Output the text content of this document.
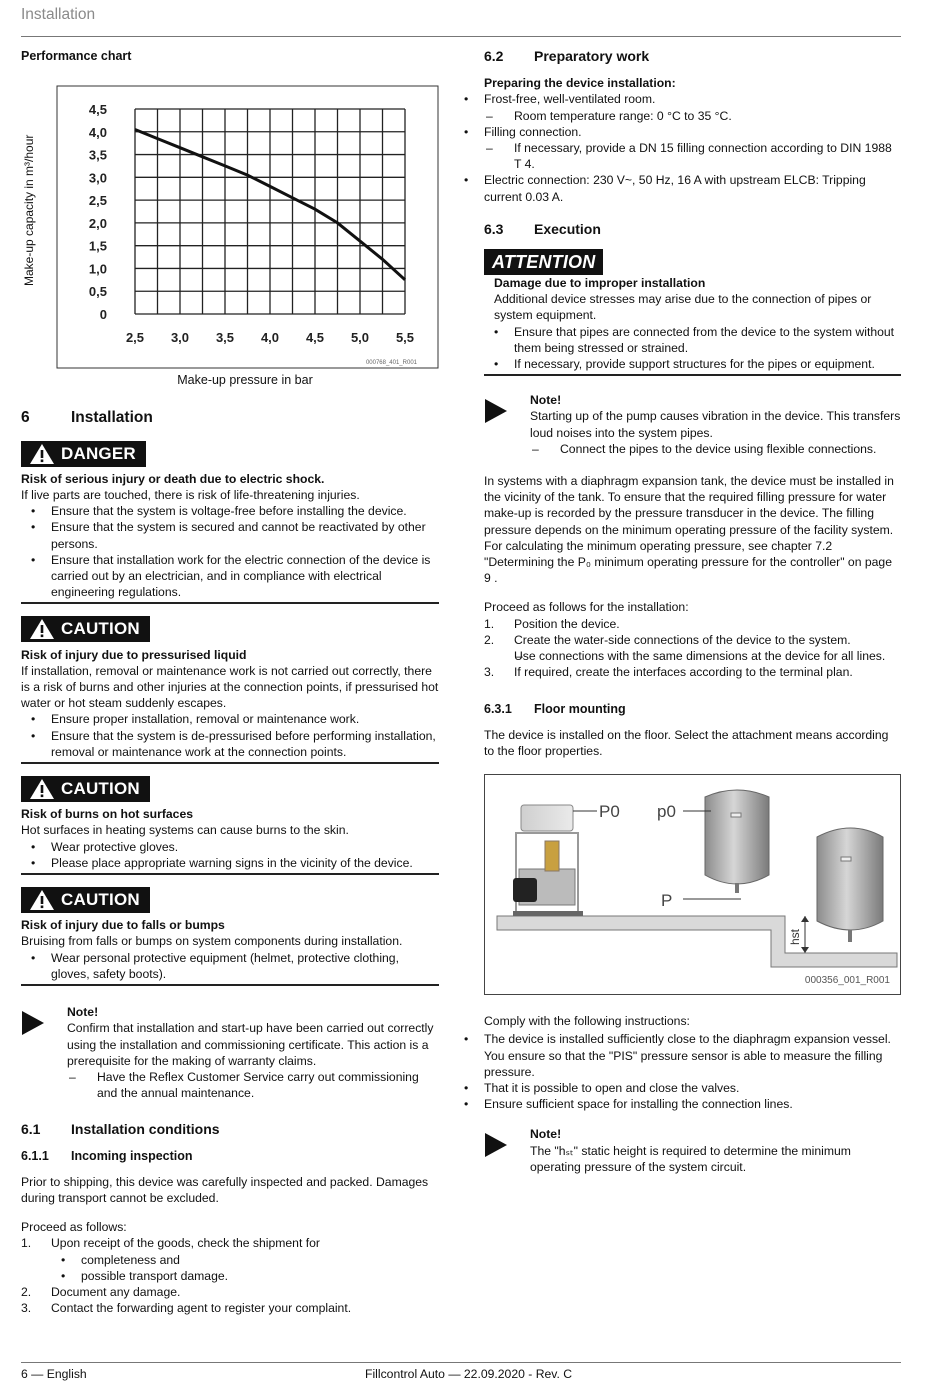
Installation
Performance chart
Make-up capacity in m³/hour
0
0,5
1,0
1,5
2,0
2,5
3,0
3,5
4,0
4,5
2,5 3,0 3,5 4,0 4,5 5,0 5,5
000768_401_R001
Make-up pressure in bar
6	Installation
DANGER
Risk of serious injury or death due to electric shock.
If live parts are touched, there is risk of life-threatening injuries.
• Ensure that the system is voltage-free before installing the device.
• Ensure that the system is secured and cannot be reactivated by other persons.
• Ensure that installation work for the electric connection of the device is carried out by an electrician, and in compliance with electrical engineering regulations.
CAUTION
Risk of injury due to pressurised liquid
If installation, removal or maintenance work is not carried out correctly, there is a risk of burns and other injuries at the connection points, if pressurised hot water or hot steam suddenly escapes.
• Ensure proper installation, removal or maintenance work.
• Ensure that the system is de-pressurised before performing installation, removal or maintenance work at the connection points.
CAUTION
Risk of burns on hot surfaces
Hot surfaces in heating systems can cause burns to the skin.
• Wear protective gloves.
• Please place appropriate warning signs in the vicinity of the device.
CAUTION
Risk of injury due to falls or bumps
Bruising from falls or bumps on system components during installation.
• Wear personal protective equipment (helmet, protective clothing, gloves, safety boots).
Note!
Confirm that installation and start-up have been carried out correctly using the installation and commissioning certificate. This action is a prerequisite for the making of warranty claims.
– Have the Reflex Customer Service carry out commissioning and the annual maintenance.
6.1	Installation conditions
6.1.1	Incoming inspection
Prior to shipping, this device was carefully inspected and packed. Damages during transport cannot be excluded.
Proceed as follows:
1. Upon receipt of the goods, check the shipment for
• completeness and
• possible transport damage.
2. Document any damage.
3. Contact the forwarding agent to register your complaint.
6.2	Preparatory work
Preparing the device installation:
• Frost-free, well-ventilated room.
– Room temperature range: 0 °C to 35 °C.
• Filling connection.
– If necessary, provide a DN 15 filling connection according to DIN 1988 T 4.
• Electric connection: 230 V~, 50 Hz, 16 A with upstream ELCB: Tripping current 0.03 A.
6.3	Execution
ATTENTION
Damage due to improper installation
Additional device stresses may arise due to the connection of pipes or system equipment.
• Ensure that pipes are connected from the device to the system without them being stressed or strained.
• If necessary, provide support structures for the pipes or equipment.
Note!
Starting up of the pump causes vibration in the device. This transfers loud noises into the system pipes.
– Connect the pipes to the device using flexible connections.
In systems with a diaphragm expansion tank, the device must be installed in the vicinity of the tank. To ensure that the required filling pressure for water make-up is recorded by the pressure transducer in the device. The filling pressure depends on the minimum operating pressure of the facility system. For calculating the minimum operating pressure, see chapter 7.2 "Determining the P₀ minimum operating pressure for the controller" on page 9 .
Proceed as follows for the installation:
1. Position the device.
2. Create the water-side connections of the device to the system.
– Use connections with the same dimensions at the device for all lines.
3. If required, create the interfaces according to the terminal plan.
6.3.1	Floor mounting
The device is installed on the floor. Select the attachment means according to the floor properties.
P0 p0
P
hst
000356_001_R001
Comply with the following instructions:
• The device is installed sufficiently close to the diaphragm expansion vessel. You ensure so that the "PIS" pressure sensor is able to measure the filling pressure.
• That it is possible to open and close the valves.
• Ensure sufficient space for installing the connection lines.
Note!
The "hₛₜ" static height is required to determine the minimum operating pressure of the system circuit.
6 — English	Fillcontrol Auto — 22.09.2020 - Rev. C
